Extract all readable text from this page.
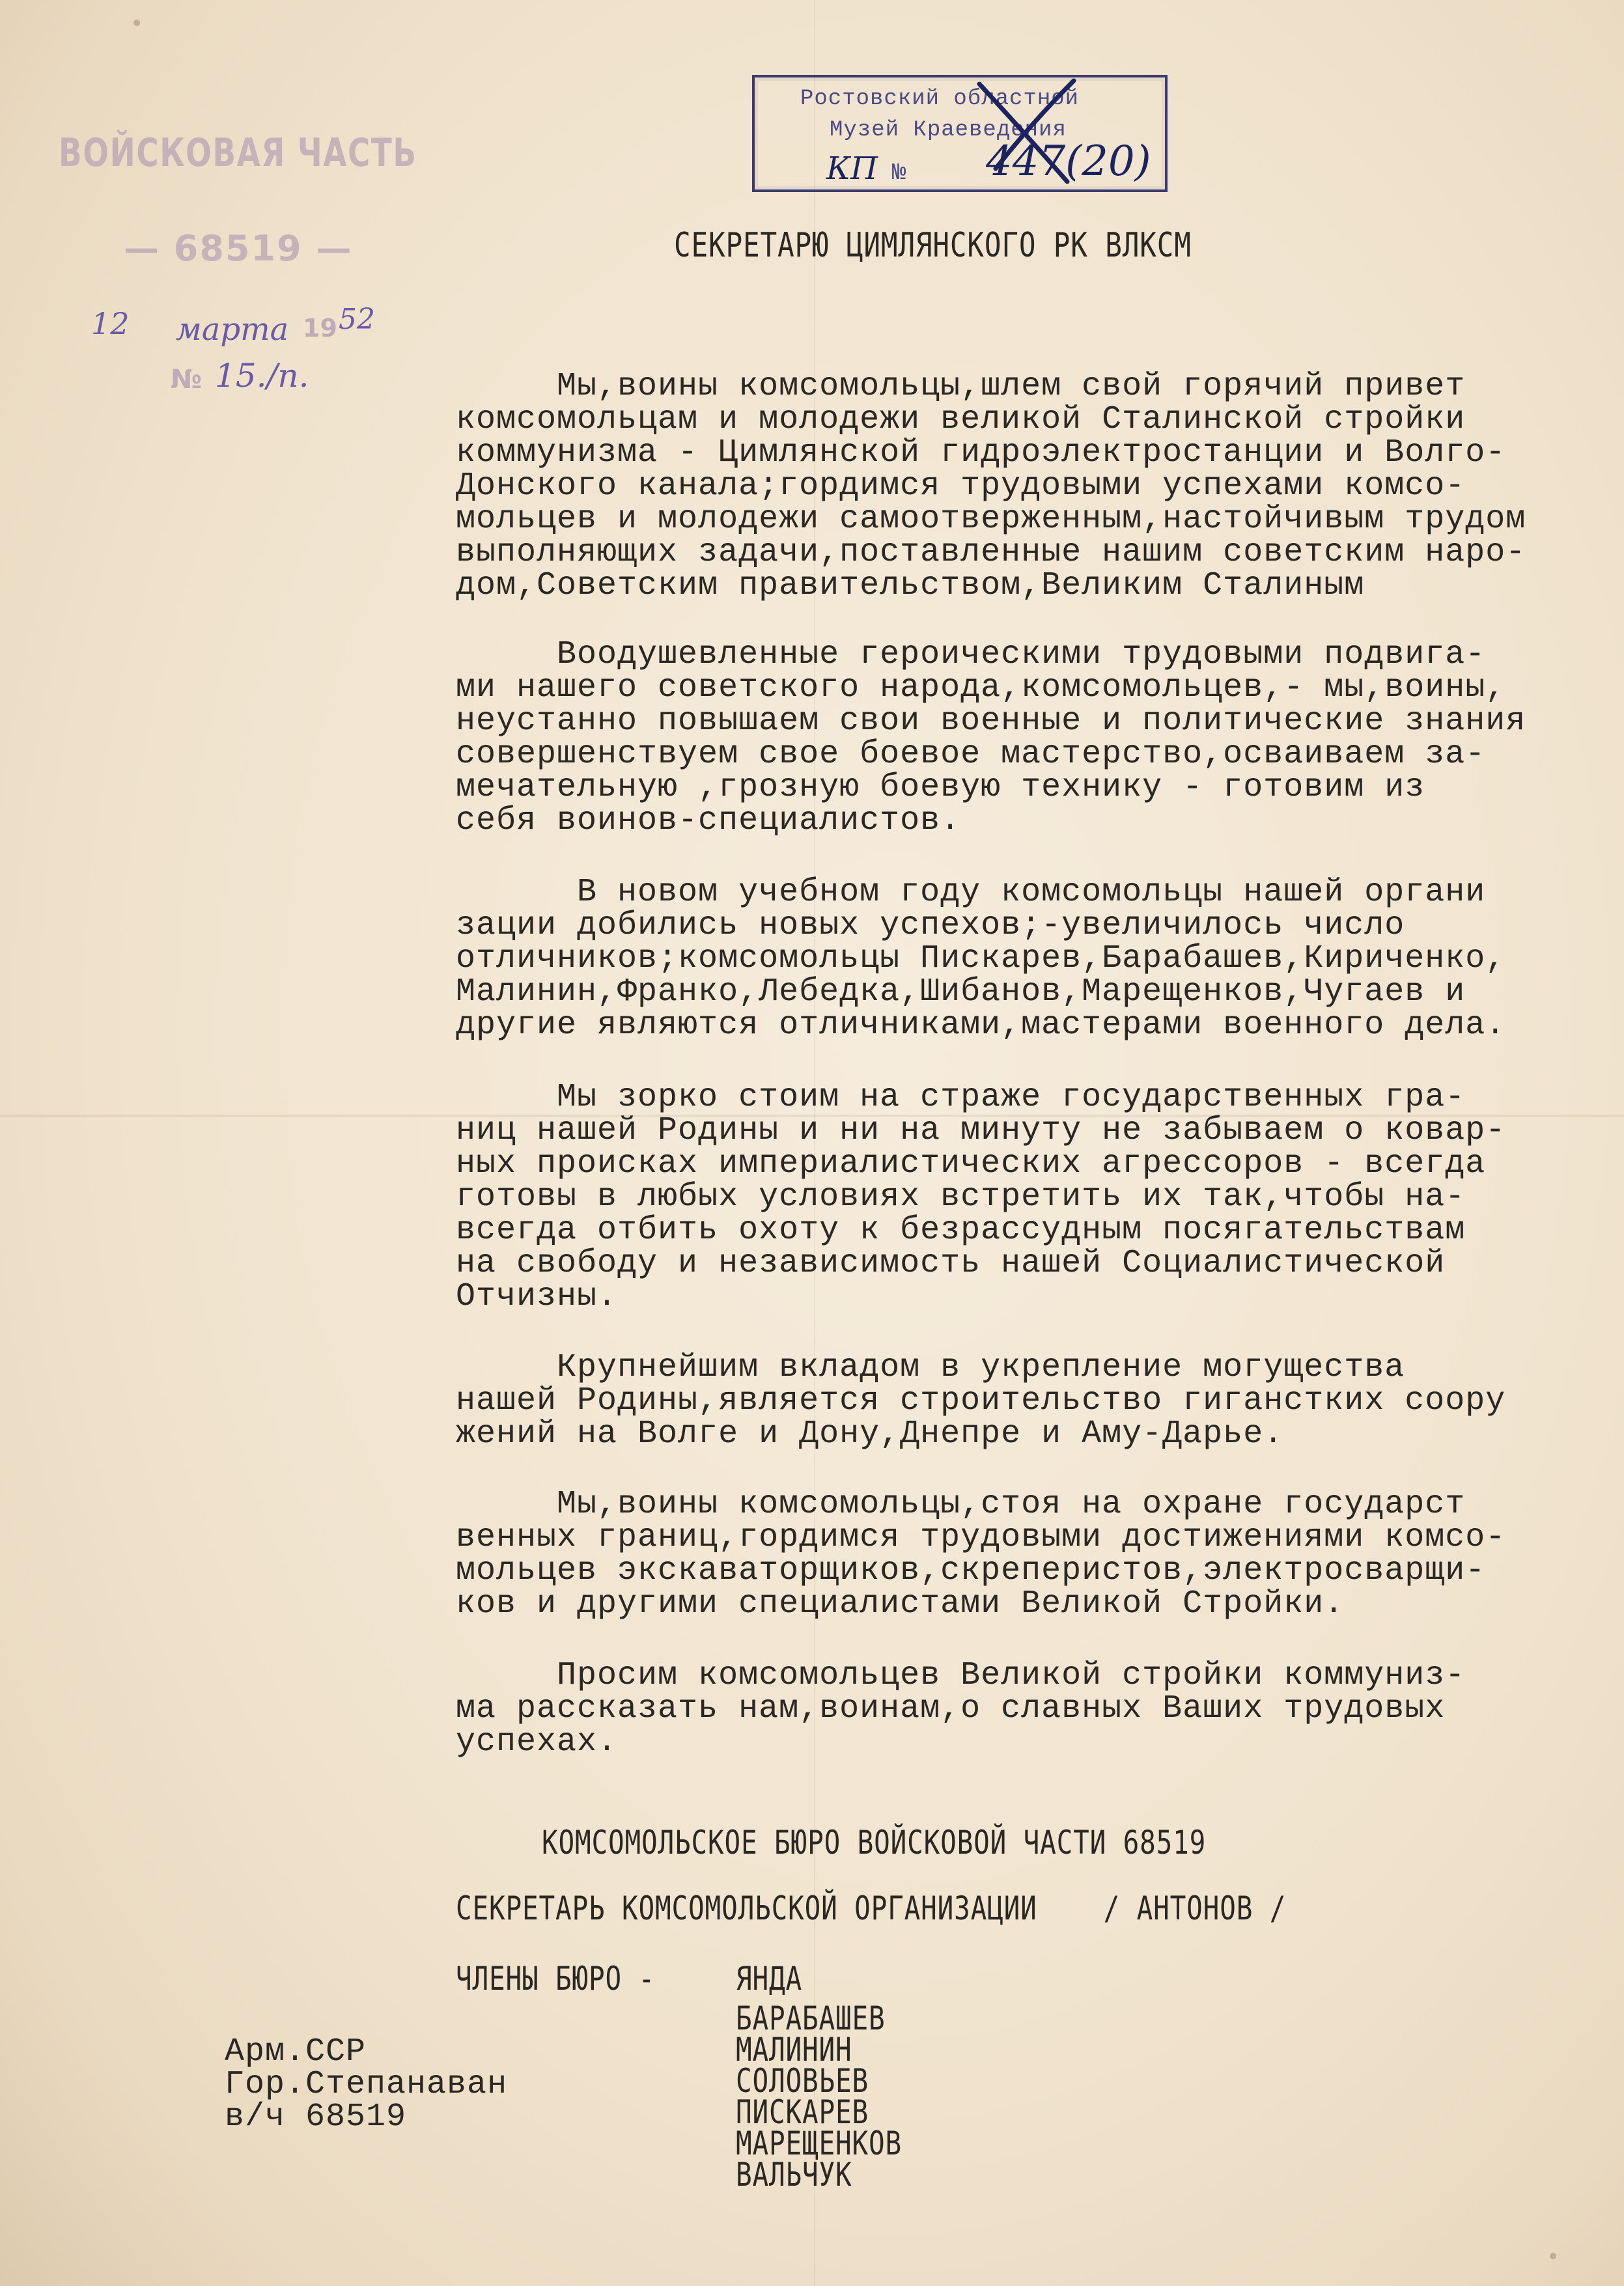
ВОЙСКОВАЯ ЧАСТЬ
— 68519 —
12 марта 19 52
№ 15./п.
Ростовский областной
Музей Краеведения
КП № 447(20)
СЕКРЕТАРЮ ЦИМЛЯНСКОГО РК ВЛКСМ
Мы,воины комсомольцы,шлем свой горячий привет
комсомольцам и молодежи великой Сталинской стройки
коммунизма - Цимлянской гидроэлектростанции и Волго-
Донского канала;гордимся трудовыми успехами комсо-
мольцев и молодежи самоотверженным,настойчивым трудом
выполняющих задачи,поставленные нашим советским наро-
дом,Советским правительством,Великим Сталиным
Воодушевленные героическими трудовыми подвига-
ми нашего советского народа,комсомольцев,- мы,воины,
неустанно повышаем свои военные и политические знания
совершенствуем свое боевое мастерство,осваиваем за-
мечательную ,грозную боевую технику - готовим из
себя воинов-специалистов.
В новом учебном году комсомольцы нашей органи
зации добились новых успехов;-увеличилось число
отличников;комсомольцы Пискарев,Барабашев,Кириченко,
Малинин,Франко,Лебедка,Шибанов,Марещенков,Чугаев и
другие являются отличниками,мастерами военного дела.
Мы зорко стоим на страже государственных гра-
ниц нашей Родины и ни на минуту не забываем о ковар-
ных происках империалистических агрессоров - всегда
готовы в любых условиях встретить их так,чтобы на-
всегда отбить охоту к безрассудным посягательствам
на свободу и независимость нашей Социалистической
Отчизны.
Крупнейшим вкладом в укрепление могущества
нашей Родины,является строительство гиганстких соору
жений на Волге и Дону,Днепре и Аму-Дарье.
Мы,воины комсомольцы,стоя на охране государст
венных границ,гордимся трудовыми достижениями комсо-
мольцев экскаваторщиков,скреперистов,электросварщи-
ков и другими специалистами Великой Стройки.
Просим комсомольцев Великой стройки коммуниз-
ма рассказать нам,воинам,о славных Ваших трудовых
успехах.
КОМСОМОЛЬСКОЕ БЮРО ВОЙСКОВОЙ ЧАСТИ 68519
СЕКРЕТАРЬ КОМСОМОЛЬСКОЙ ОРГАНИЗАЦИИ    / АНТОНОВ /
ЧЛЕНЫ БЮРО - ЯНДА
БАРАБАШЕВ
МАЛИНИН
СОЛОВЬЕВ
ПИСКАРЕВ
МАРЕЩЕНКОВ
ВАЛЬЧУК
Арм.ССР
Гор.Степанаван
в/ч 68519
